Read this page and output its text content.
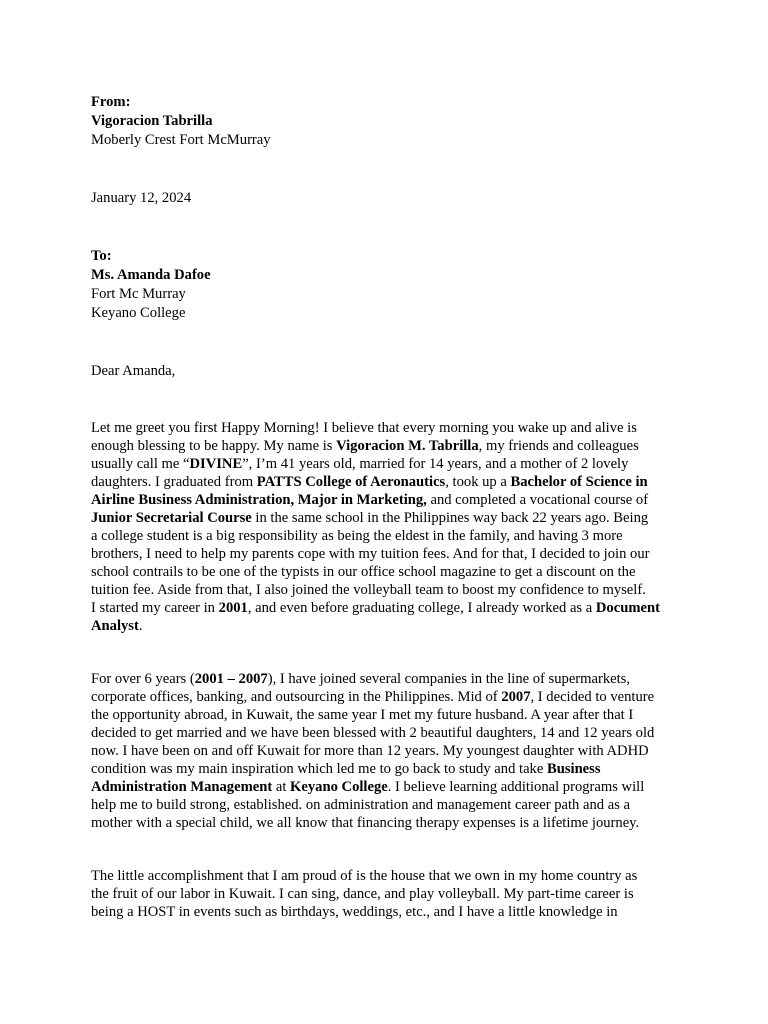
From:
Vigoracion Tabrilla
Moberly Crest Fort McMurray
January 12, 2024
To:
Ms. Amanda Dafoe
Fort Mc Murray
Keyano College
Dear Amanda,
Let me greet you first Happy Morning! I believe that every morning you wake up and alive is
enough blessing to be happy. My name is Vigoracion M. Tabrilla, my friends and colleagues
usually call me “DIVINE”, I’m 41 years old, married for 14 years, and a mother of 2 lovely
daughters. I graduated from PATTS College of Aeronautics, took up a Bachelor of Science in
Airline Business Administration, Major in Marketing, and completed a vocational course of
Junior Secretarial Course in the same school in the Philippines way back 22 years ago. Being
a college student is a big responsibility as being the eldest in the family, and having 3 more
brothers, I need to help my parents cope with my tuition fees. And for that, I decided to join our
school contrails to be one of the typists in our office school magazine to get a discount on the
tuition fee. Aside from that, I also joined the volleyball team to boost my confidence to myself.
I started my career in 2001, and even before graduating college, I already worked as a Document
Analyst.
For over 6 years (2001 – 2007), I have joined several companies in the line of supermarkets,
corporate offices, banking, and outsourcing in the Philippines. Mid of 2007, I decided to venture
the opportunity abroad, in Kuwait, the same year I met my future husband. A year after that I
decided to get married and we have been blessed with 2 beautiful daughters, 14 and 12 years old
now. I have been on and off Kuwait for more than 12 years. My youngest daughter with ADHD
condition was my main inspiration which led me to go back to study and take Business
Administration Management at Keyano College. I believe learning additional programs will
help me to build strong, established. on administration and management career path and as a
mother with a special child, we all know that financing therapy expenses is a lifetime journey.
The little accomplishment that I am proud of is the house that we own in my home country as
the fruit of our labor in Kuwait. I can sing, dance, and play volleyball. My part-time career is
being a HOST in events such as birthdays, weddings, etc., and I have a little knowledge in
